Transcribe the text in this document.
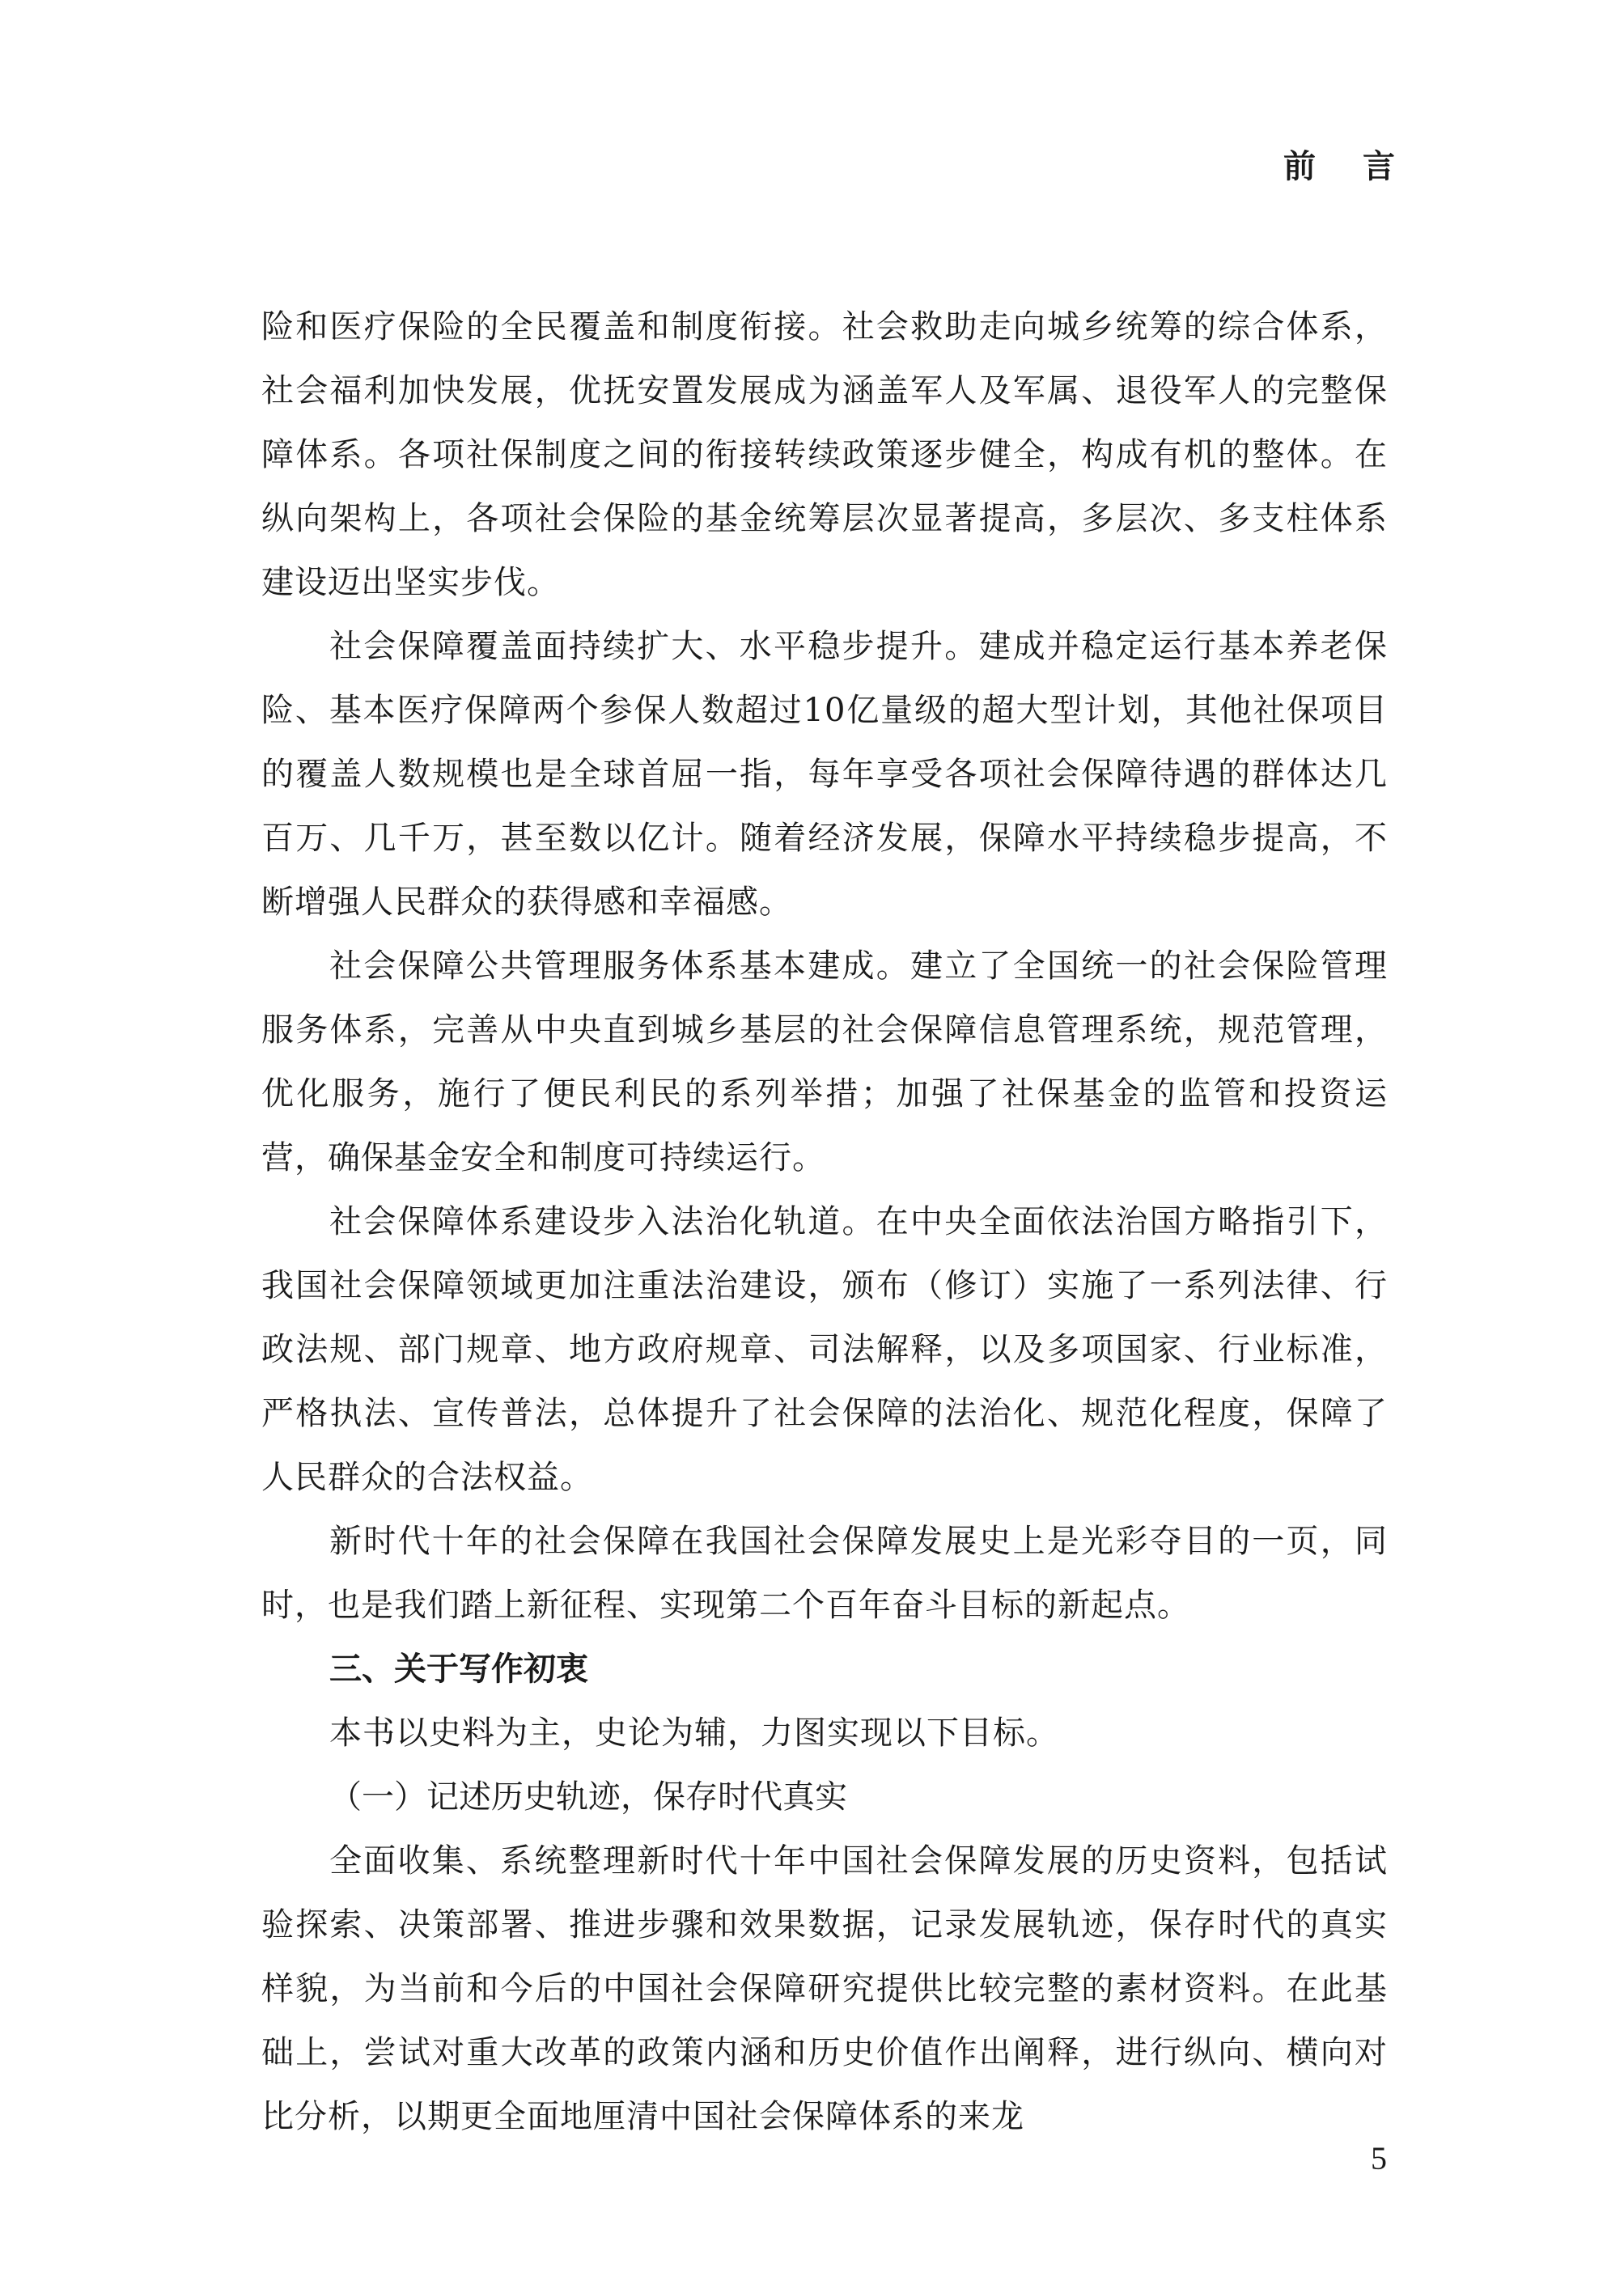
前言

险和医疗保险的全民覆盖和制度衔接。社会救助走向城乡统筹的综合体系，社会福利加快发展，优抚安置发展成为涵盖军人及军属、退役军人的完整保障体系。各项社保制度之间的衔接转续政策逐步健全，构成有机的整体。在纵向架构上，各项社会保险的基金统筹层次显著提高，多层次、多支柱体系建设迈出坚实步伐。

社会保障覆盖面持续扩大、水平稳步提升。建成并稳定运行基本养老保险、基本医疗保障两个参保人数超过10亿量级的超大型计划，其他社保项目的覆盖人数规模也是全球首屈一指，每年享受各项社会保障待遇的群体达几百万、几千万，甚至数以亿计。随着经济发展，保障水平持续稳步提高，不断增强人民群众的获得感和幸福感。

社会保障公共管理服务体系基本建成。建立了全国统一的社会保险管理服务体系，完善从中央直到城乡基层的社会保障信息管理系统，规范管理，优化服务，施行了便民利民的系列举措；加强了社保基金的监管和投资运营，确保基金安全和制度可持续运行。

社会保障体系建设步入法治化轨道。在中央全面依法治国方略指引下，我国社会保障领域更加注重法治建设，颁布（修订）实施了一系列法律、行政法规、部门规章、地方政府规章、司法解释，以及多项国家、行业标准，严格执法、宣传普法，总体提升了社会保障的法治化、规范化程度，保障了人民群众的合法权益。

新时代十年的社会保障在我国社会保障发展史上是光彩夺目的一页，同时，也是我们踏上新征程、实现第二个百年奋斗目标的新起点。

三、关于写作初衷

本书以史料为主，史论为辅，力图实现以下目标。

（一）记述历史轨迹，保存时代真实

全面收集、系统整理新时代十年中国社会保障发展的历史资料，包括试验探索、决策部署、推进步骤和效果数据，记录发展轨迹，保存时代的真实样貌，为当前和今后的中国社会保障研究提供比较完整的素材资料。在此基础上，尝试对重大改革的政策内涵和历史价值作出阐释，进行纵向、横向对比分析，以期更全面地厘清中国社会保障体系的来龙

5
